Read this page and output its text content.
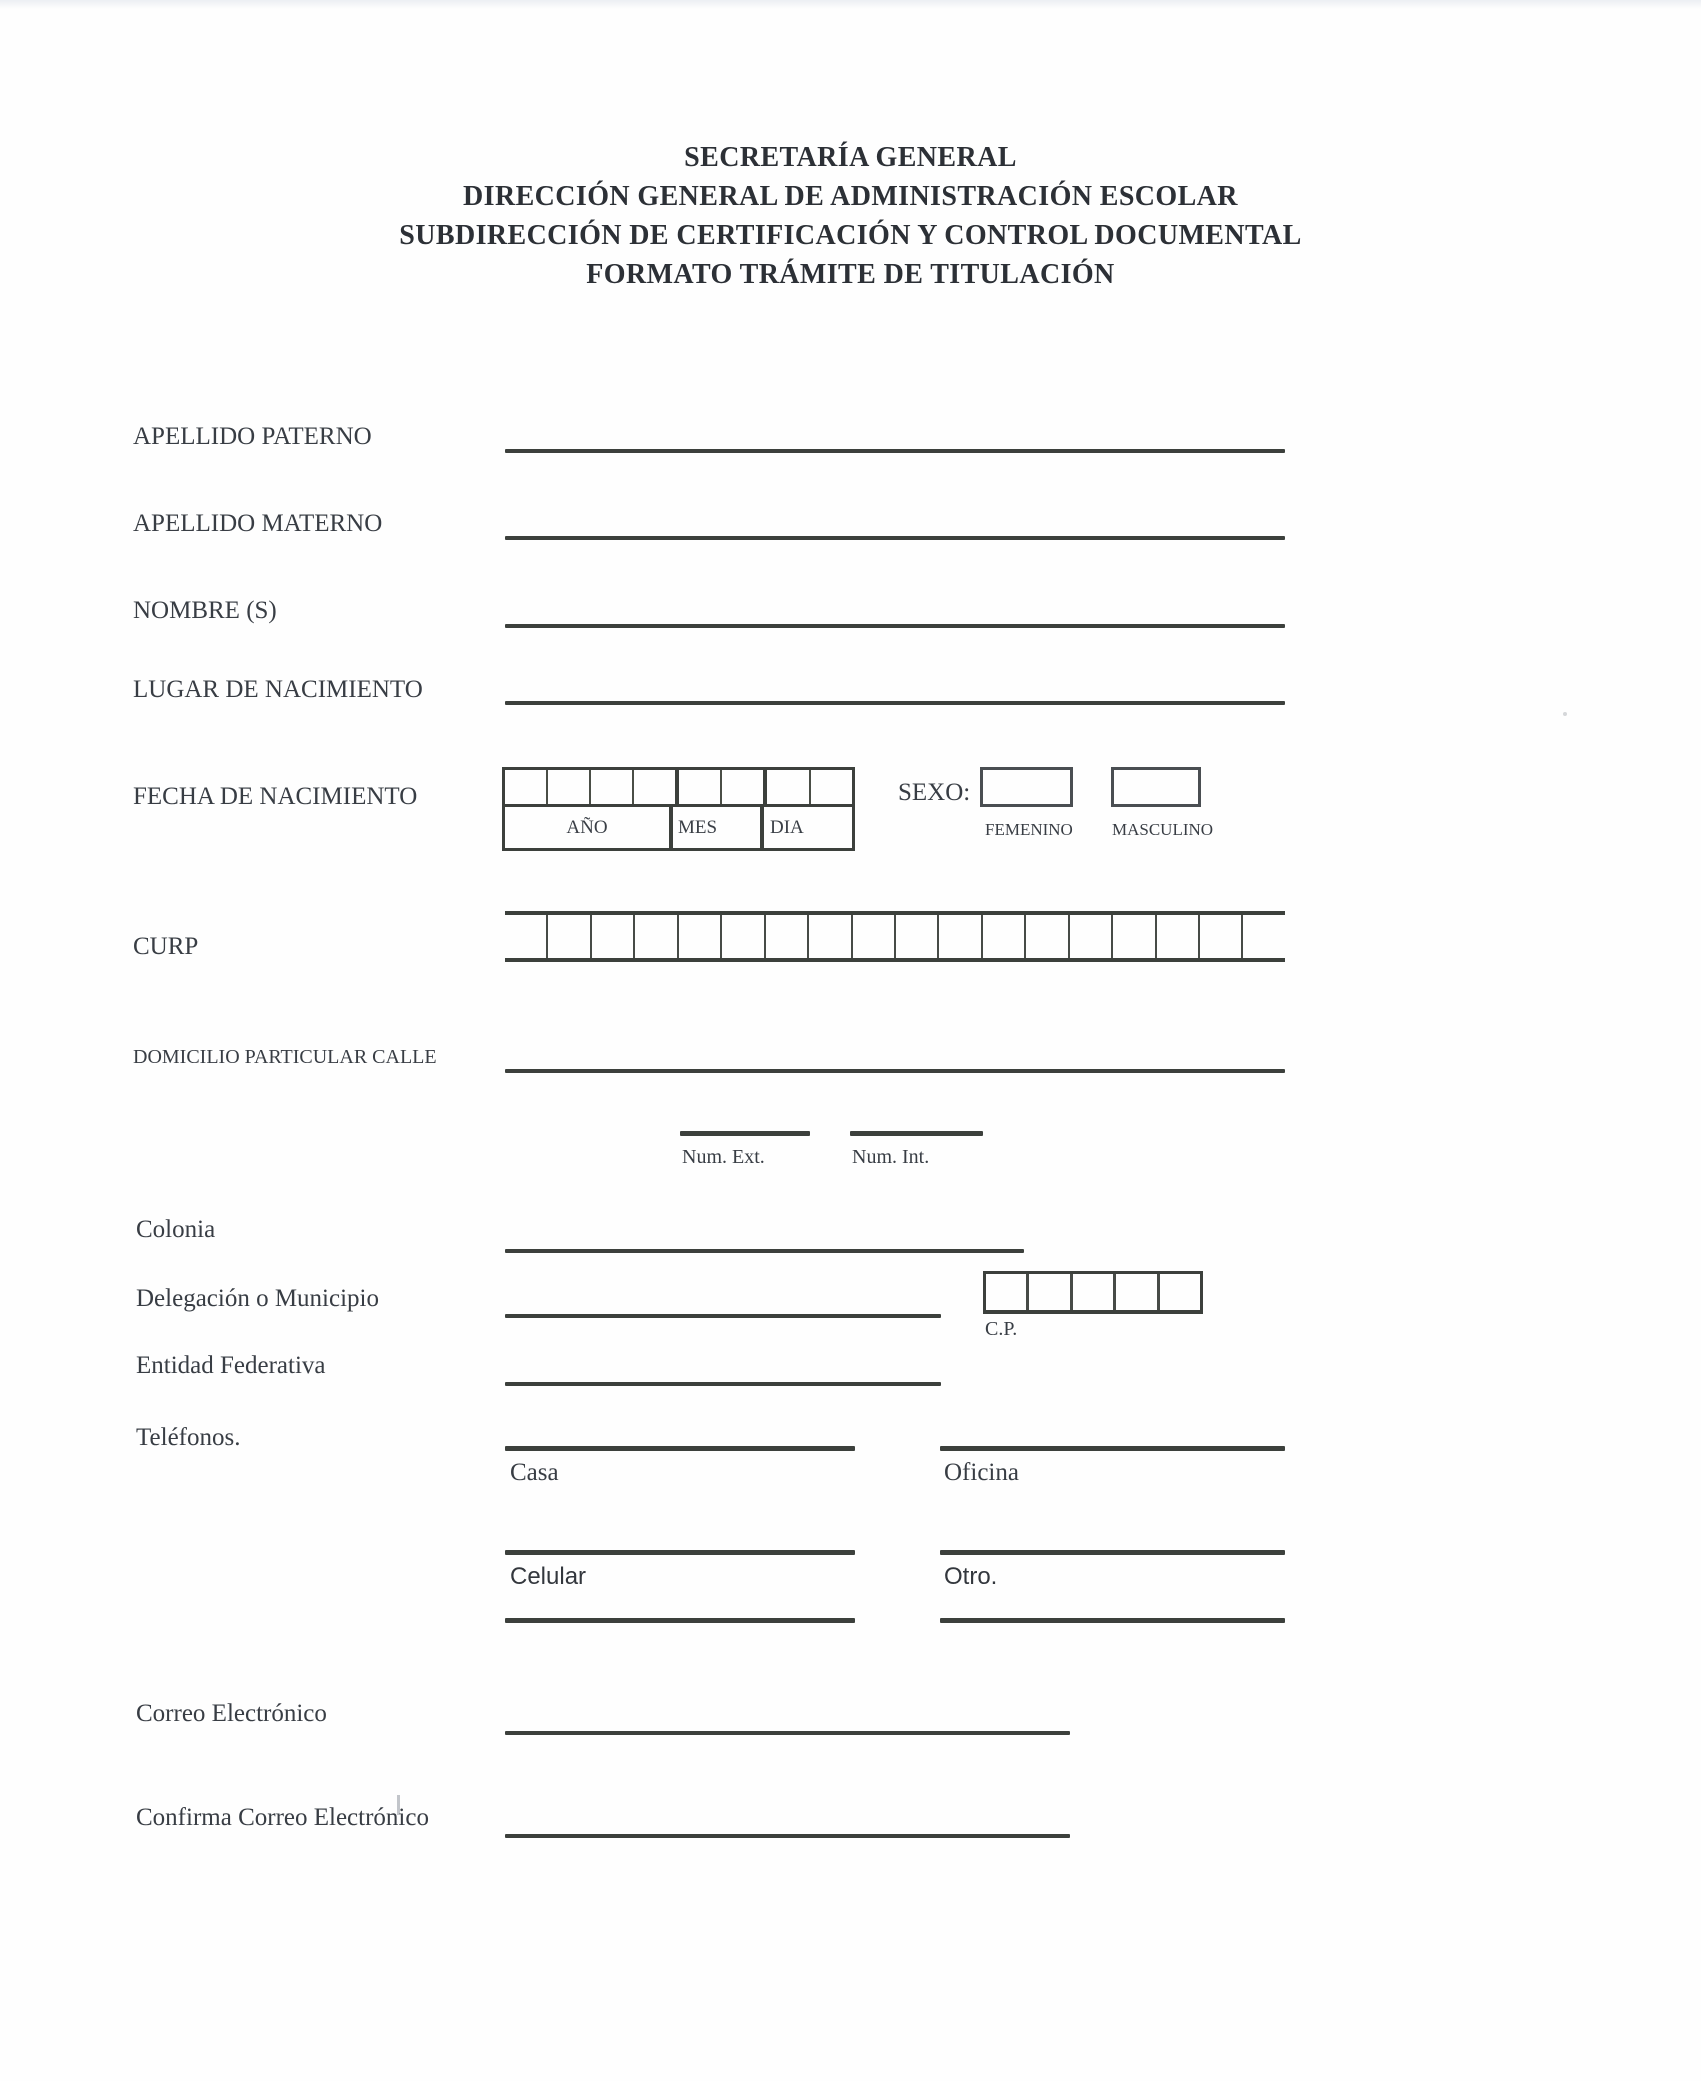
SECRETARÍA GENERAL
DIRECCIÓN GENERAL DE ADMINISTRACIÓN ESCOLAR
SUBDIRECCIÓN DE CERTIFICACIÓN Y CONTROL DOCUMENTAL
FORMATO TRÁMITE DE TITULACIÓN
APELLIDO PATERNO
APELLIDO MATERNO
NOMBRE (S)
LUGAR DE NACIMIENTO
FECHA DE NACIMIENTO
AÑO	MES	DIA
SEXO:
FEMENINO MASCULINO
CURP
DOMICILIO PARTICULAR CALLE
Num. Ext.	Num. Int.
Colonia
Delegación o Municipio
C.P.
Entidad Federativa
Teléfonos.
Casa	Oficina
Celular	Otro.
Correo Electrónico
Confirma Correo Electrónico
